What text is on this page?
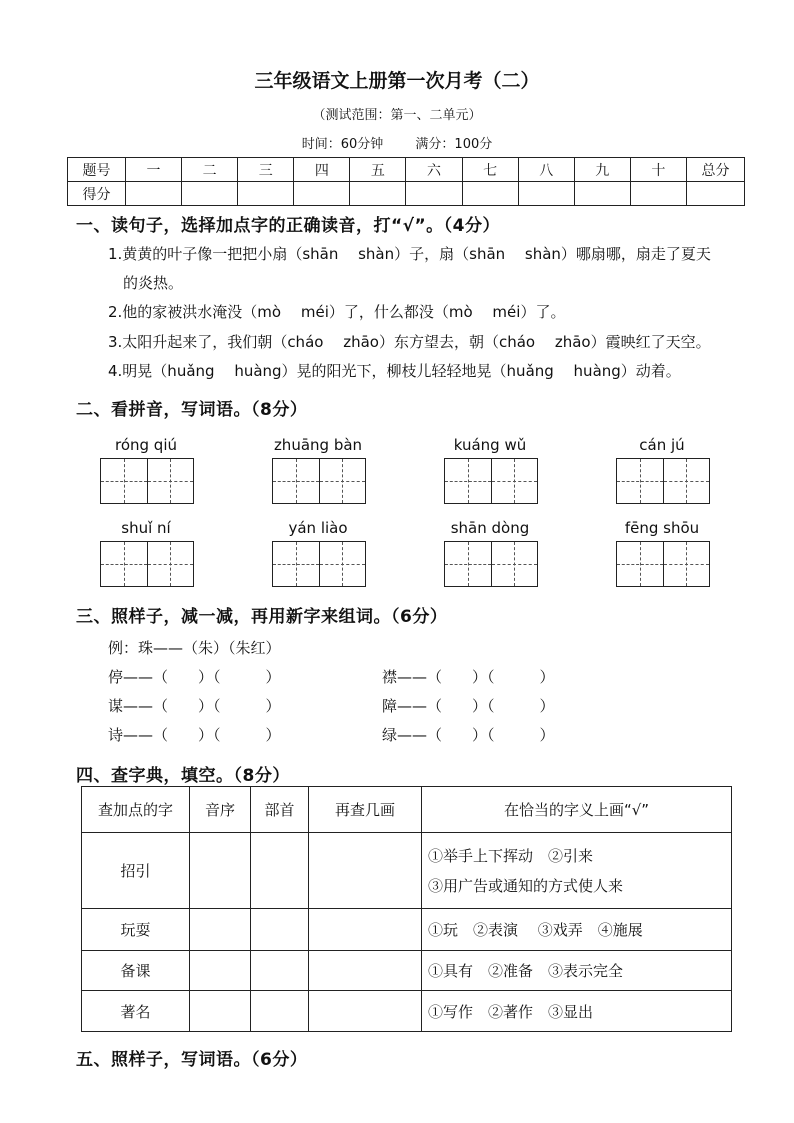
三年级语文上册第一次月考（二）
（测试范围：第一、二单元）
时间：60分钟 满分：100分
题号	一	二	三	四	五	六	七	八	九	十	总分
得分											
一、读句子，选择加点字的正确读音，打“√”。（4分）
1.黄黄的叶子像一把把小扇（shān　 shàn）子，扇（shān　 shàn）哪扇哪，扇走了夏天
的炎热。
2.他的家被洪水淹没（mò　 méi）了，什么都没（mò　 méi）了。
3.太阳升起来了，我们朝（cháo　 zhāo）东方望去，朝（cháo　 zhāo）霞映红了天空。
4.明晃（huǎng　 huàng）晃的阳光下，柳枝儿轻轻地晃（huǎng　 huàng）动着。
二、看拼音，写词语。（8分）
róng qiú	zhuāng bàn	kuáng wǔ	cán jú
shuǐ ní	yán liào	shān dòng	fēng shōu
三、照样子，减一减，再用新字来组词。（6分）
例：珠——（朱）（朱红）
停——（　　）（　　　）
谋——（　　）（　　　）
诗——（　　）（　　　）
襟——（　　）（　　　）
障——（　　）（　　　）
绿——（　　）（　　　）
四、查字典，填空。（8分）
查加点的字	音序	部首	再查几画	在恰当的字义上画“√”
招引				①举手上下挥动　②引来
③用广告或通知的方式使人来

玩耍				①玩　②表演　 ③戏弄　④施展
备课				①具有　②准备　③表示完全
著名				①写作　②著作　③显出
五、照样子，写词语。（6分）
